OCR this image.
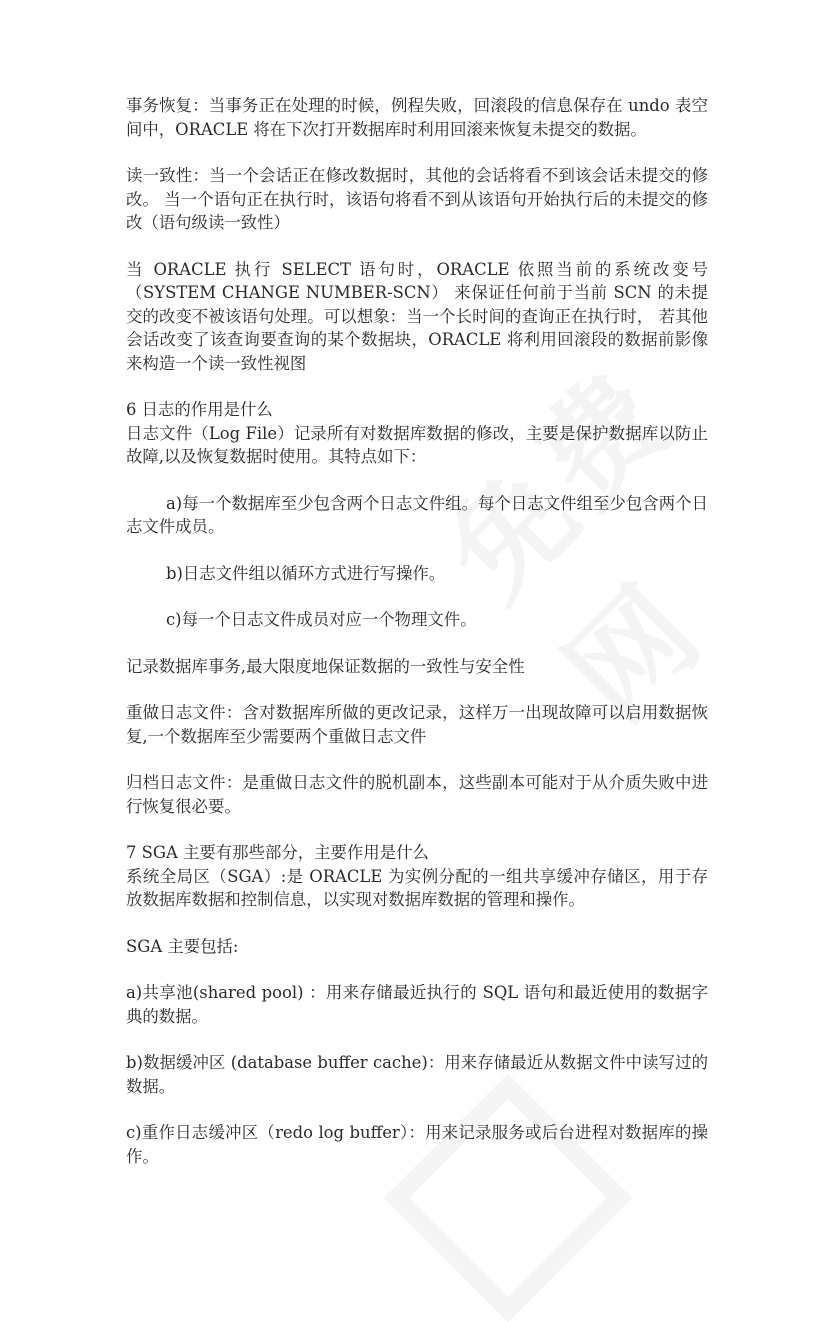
事务恢复：当事务正在处理的时候，例程失败，回滚段的信息保存在 undo 表空间中，ORACLE 将在下次打开数据库时利用回滚来恢复未提交的数据。

读一致性：当一个会话正在修改数据时，其他的会话将看不到该会话未提交的修改。 当一个语句正在执行时，该语句将看不到从该语句开始执行后的未提交的修改（语句级读一致性）

当 ORACLE 执行 SELECT 语句时，ORACLE 依照当前的系统改变号（SYSTEM CHANGE NUMBER-SCN） 来保证任何前于当前 SCN 的未提交的改变不被该语句处理。可以想象：当一个长时间的查询正在执行时， 若其他会话改变了该查询要查询的某个数据块，ORACLE 将利用回滚段的数据前影像来构造一个读一致性视图

6 日志的作用是什么

日志文件（Log File）记录所有对数据库数据的修改，主要是保护数据库以防止故障,以及恢复数据时使用。其特点如下：

a)每一个数据库至少包含两个日志文件组。每个日志文件组至少包含两个日志文件成员。

b)日志文件组以循环方式进行写操作。

c)每一个日志文件成员对应一个物理文件。

记录数据库事务,最大限度地保证数据的一致性与安全性

重做日志文件：含对数据库所做的更改记录，这样万一出现故障可以启用数据恢复,一个数据库至少需要两个重做日志文件

归档日志文件：是重做日志文件的脱机副本，这些副本可能对于从介质失败中进行恢复很必要。

7 SGA 主要有那些部分，主要作用是什么

系统全局区（SGA）:是 ORACLE 为实例分配的一组共享缓冲存储区，用于存放数据库数据和控制信息，以实现对数据库数据的管理和操作。

SGA 主要包括:

a)共享池(shared pool) ：用来存储最近执行的 SQL 语句和最近使用的数据字典的数据。

b)数据缓冲区 (database buffer cache)：用来存储最近从数据文件中读写过的数据。

c)重作日志缓冲区（redo log buffer）：用来记录服务或后台进程对数据库的操作。
